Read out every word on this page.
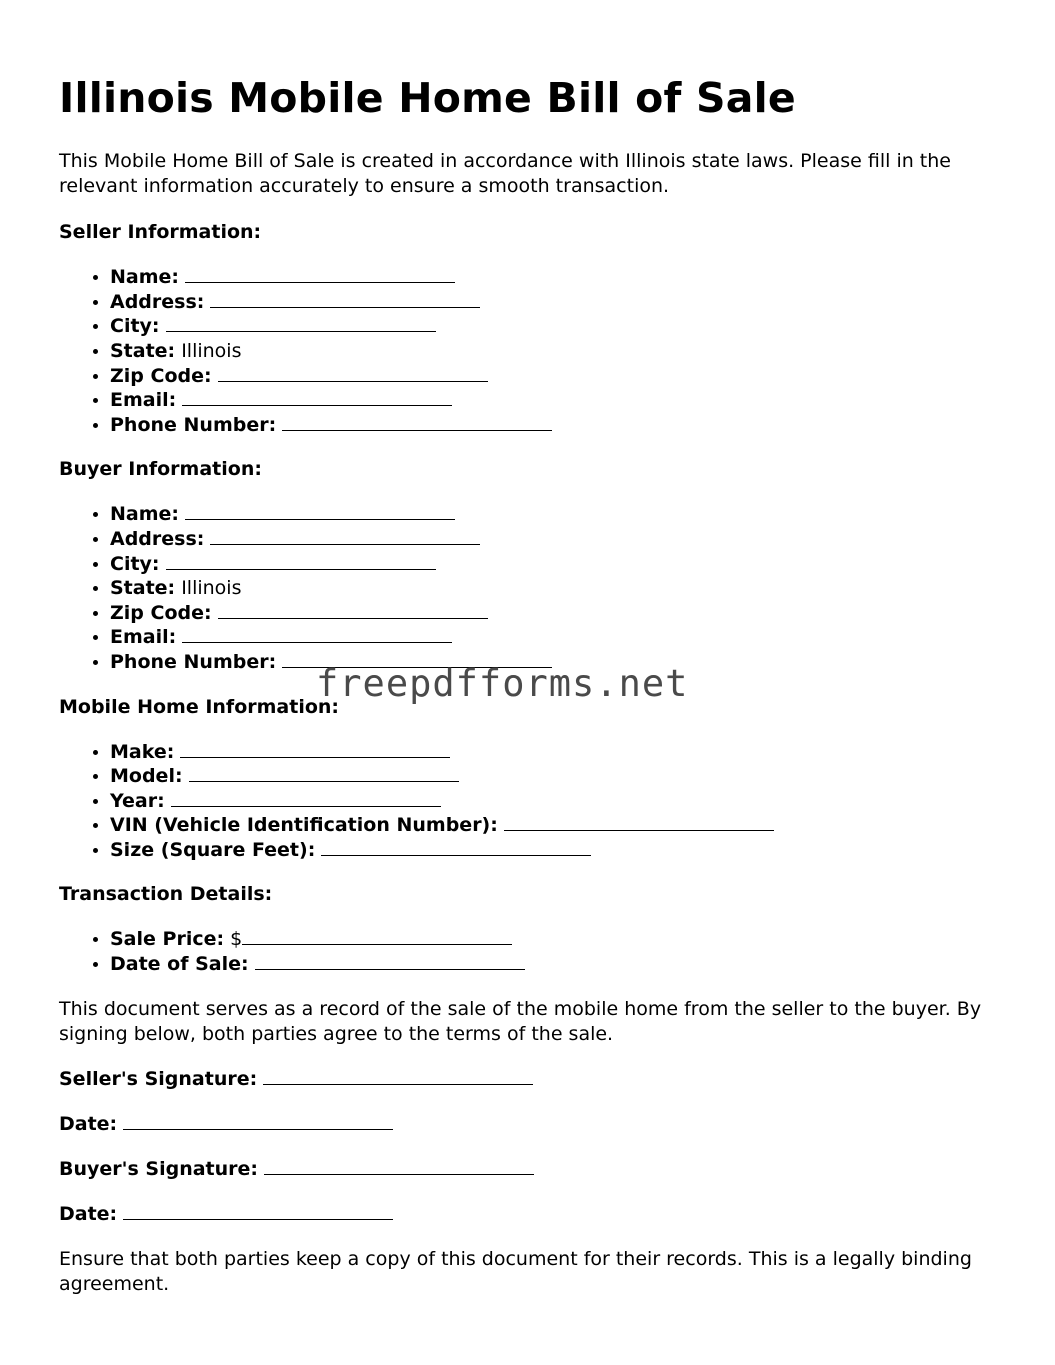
Illinois Mobile Home Bill of Sale

This Mobile Home Bill of Sale is created in accordance with Illinois state laws. Please fill in the relevant information accurately to ensure a smooth transaction.

Seller Information:
• Name:
• Address:
• City:
• State: Illinois
• Zip Code:
• Email:
• Phone Number:
Buyer Information:
• Name:
• Address:
• City:
• State: Illinois
• Zip Code:
• Email:
• Phone Number:
Mobile Home Information:
• Make:
• Model:
• Year:
• VIN (Vehicle Identification Number):
• Size (Square Feet):
Transaction Details:
• Sale Price: $
• Date of Sale:

This document serves as a record of the sale of the mobile home from the seller to the buyer. By signing below, both parties agree to the terms of the sale.

Seller's Signature:
Date:
Buyer's Signature:
Date:

Ensure that both parties keep a copy of this document for their records. This is a legally binding agreement.

freepdfforms.net
